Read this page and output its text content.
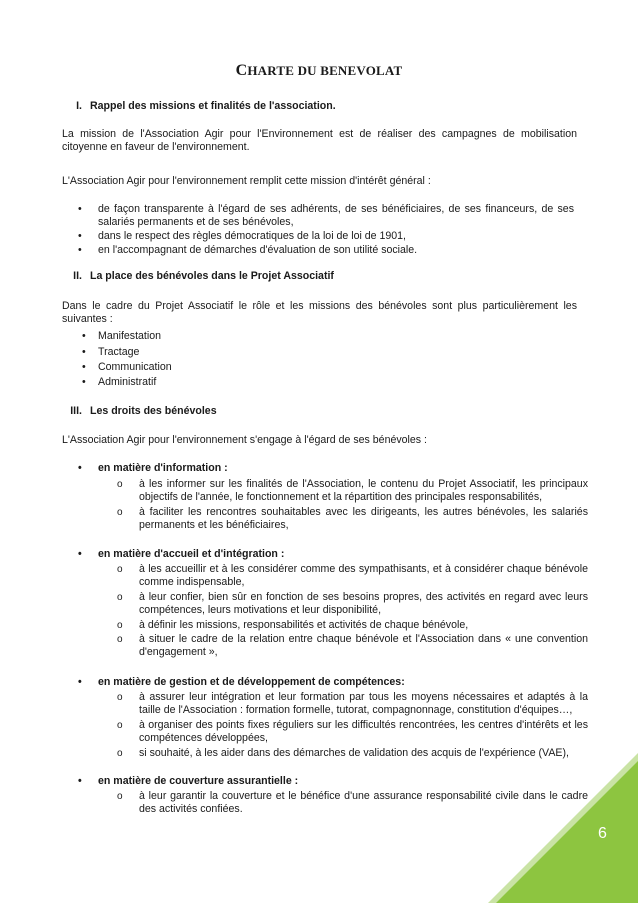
CHARTE DU BENEVOLAT
I. Rappel des missions et finalités de l'association.
La mission de l'Association Agir pour l'Environnement est de réaliser des campagnes de mobilisation citoyenne en faveur de l'environnement.
L'Association Agir pour l'environnement remplit cette mission d'intérêt général :
• de façon transparente à l'égard de ses adhérents, de ses bénéficiaires, de ses financeurs, de ses salariés permanents et de ses bénévoles,
• dans le respect des règles démocratiques de la loi de loi de 1901,
• en l'accompagnant de démarches d'évaluation de son utilité sociale.
II. La place des bénévoles dans le Projet Associatif
Dans le cadre du Projet Associatif le rôle et les missions des bénévoles sont plus particulièrement les suivantes :
• Manifestation
• Tractage
• Communication
• Administratif
III. Les droits des bénévoles
L'Association Agir pour l'environnement s'engage à l'égard de ses bénévoles :
• en matière d'information :
o à les informer sur les finalités de l'Association, le contenu du Projet Associatif, les principaux objectifs de l'année, le fonctionnement et la répartition des principales responsabilités,
o à faciliter les rencontres souhaitables avec les dirigeants, les autres bénévoles, les salariés permanents et les bénéficiaires,
• en matière d'accueil et d'intégration :
o à les accueillir et à les considérer comme des sympathisants, et à considérer chaque bénévole comme indispensable,
o à leur confier, bien sûr en fonction de ses besoins propres, des activités en regard avec leurs compétences, leurs motivations et leur disponibilité,
o à définir les missions, responsabilités et activités de chaque bénévole,
o à situer le cadre de la relation entre chaque bénévole et l'Association dans « une convention d'engagement »,
• en matière de gestion et de développement de compétences:
o à assurer leur intégration et leur formation par tous les moyens nécessaires et adaptés à la taille de l'Association : formation formelle, tutorat, compagnonnage, constitution d'équipes…,
o à organiser des points fixes réguliers sur les difficultés rencontrées, les centres d'intérêts et les compétences développées,
o si souhaité, à les aider dans des démarches de validation des acquis de l'expérience (VAE),
• en matière de couverture assurantielle :
o à leur garantir la couverture et le bénéfice d'une assurance responsabilité civile dans le cadre des activités confiées.
6
